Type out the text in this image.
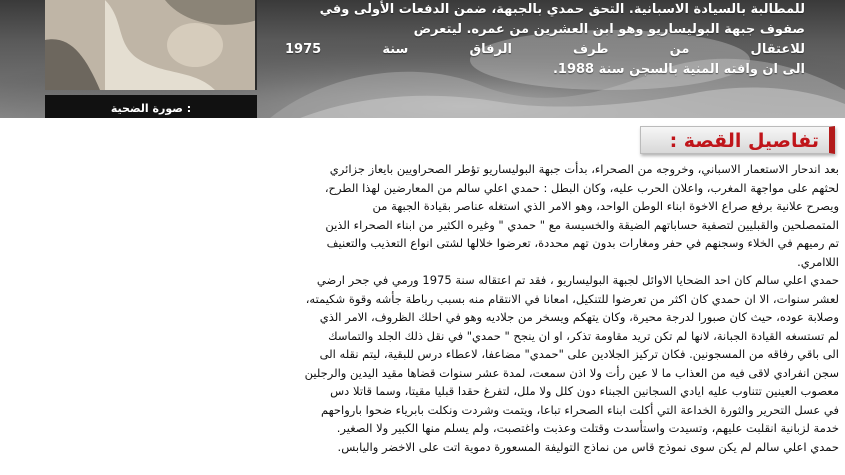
للمطالبة بالسيادة الاسبانية. التحق حمدي بالجبهة، ضمن الدفعات الأولى وفي
صفوف جبهة البوليساريو وهو ابن العشرين من عمره. ليتعرض
للاعتقال من طرف الرفاق سنة 1975
الى ان وافته المنية بالسجن سنة 1988.
صورة الضحية :
تفاصيل القصة :
بعد اندحار الاستعمار الاسباني، وخروجه من الصحراء، بدأت جبهة البوليساريو تؤطر الصحراويين بايعاز جزائري
لحثهم على مواجهة المغرب، واعلان الحرب عليه، وكان البطل : حمدي اعلي سالم من المعارضين لهذا الطرح،
ويصرح علانية برفع صراع الاخوة ابناء الوطن الواحد، وهو الامر الذي استغله عناصر بقيادة الجبهة من
المتمصلحين والقبليين لتصفية حساباتهم الضيقة والخسيسة مع " حمدي " وغيره الكثير من ابناء الصحراء الذين
تم رميهم في الخلاء وسجنهم في حفر ومغارات بدون تهم محددة، تعرضوا خلالها لشتى انواع التعذيب والتعنيف
اللاامري.
حمدي اعلي سالم كان احد الضحايا الاوائل لجبهة البوليساريو ، فقد تم اعتقاله سنة 1975 ورمي في جحر ارضي
لعشر سنوات، الا ان حمدي كان اكثر من تعرضوا للتنكيل، امعانا في الانتقام منه بسبب رباطة جأشه وقوة شكيمته،
وصلابة عوده، حيث كان صبورا لدرجة محيرة، وكان يتهكم ويسخر من جلاديه وهو في احلك الظروف، الامر الذي
لم تستسغه القيادة الجبانة، لانها لم تكن تريد مقاومة تذكر، او ان ينجح " حمدي" في نقل ذلك الجلد والتماسك
الى باقي رفاقه من المسجونين. فكان تركيز الجلادين على "حمدي" مضاعفا، لاعطاء درس للبقية، ليتم نقله الى
سجن انفرادي لاقى فيه من العذاب ما لا عين رأت ولا اذن سمعت، لمدة عشر سنوات قضاها مقيد اليدين والرجلين
معصوب العينين تتناوب عليه ايادي السجانين الجبناء دون كلل ولا ملل، لتفرغ حقدا قبليا مقيتا، وسما قاتلا دس
في عسل التحرير والثورة الخداعة التي أكلت ابناء الصحراء تباعا، ويتمت وشردت ونكلت بابرياء ضحوا بارواحهم
خدمة لزبانية انقلبت عليهم، وتسيدت واستأسدت وقتلت وعذبت واغتصبت، ولم يسلم منها الكبير ولا الصغير.
حمدي اعلي سالم لم يكن سوى نموذج قاس من نماذج التوليفة المسعورة دموية اتت على الاخضر واليابس.
